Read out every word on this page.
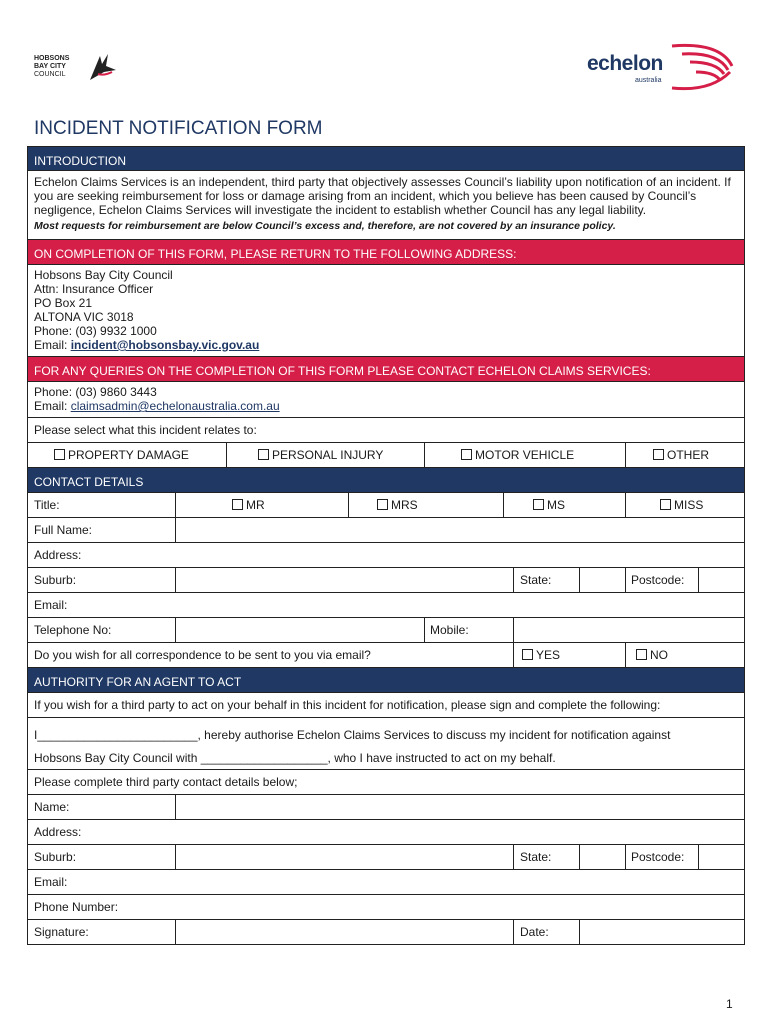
HOBSONS
BAY CITY
COUNCIL	echelon
australia
INCIDENT NOTIFICATION FORM
INTRODUCTION
Echelon Claims Services is an independent, third party that objectively assesses Council’s liability upon notification of an incident. If you are seeking reimbursement for loss or damage arising from an incident, which you believe has been caused by Council’s negligence, Echelon Claims Services will investigate the incident to establish whether Council has any legal liability.
Most requests for reimbursement are below Council’s excess and, therefore, are not covered by an insurance policy.
ON COMPLETION OF THIS FORM, PLEASE RETURN TO THE FOLLOWING ADDRESS:
Hobsons Bay City Council
Attn: Insurance Officer
PO Box 21
ALTONA VIC 3018
Phone: (03) 9932 1000
Email: incident@hobsonsbay.vic.gov.au
FOR ANY QUERIES ON THE COMPLETION OF THIS FORM PLEASE CONTACT ECHELON CLAIMS SERVICES:
Phone: (03) 9860 3443
Email: claimsadmin@echelonaustralia.com.au
Please select what this incident relates to:
PROPERTY DAMAGE	PERSONAL INJURY	MOTOR VEHICLE	OTHER
CONTACT DETAILS
Title:	MR	MRS	MS	MISS
Full Name:
Address:
Suburb:	State:	Postcode:
Email:
Telephone No:	Mobile:
Do you wish for all correspondence to be sent to you via email?	YES	NO
AUTHORITY FOR AN AGENT TO ACT
If you wish for a third party to act on your behalf in this incident for notification, please sign and complete the following:
I________________________, hereby authorise Echelon Claims Services to discuss my incident for notification against
Hobsons Bay City Council with ___________________, who I have instructed to act on my behalf.
Please complete third party contact details below;
Name:
Address:
Suburb:	State:	Postcode:
Email:
Phone Number:
Signature:	Date:
1
